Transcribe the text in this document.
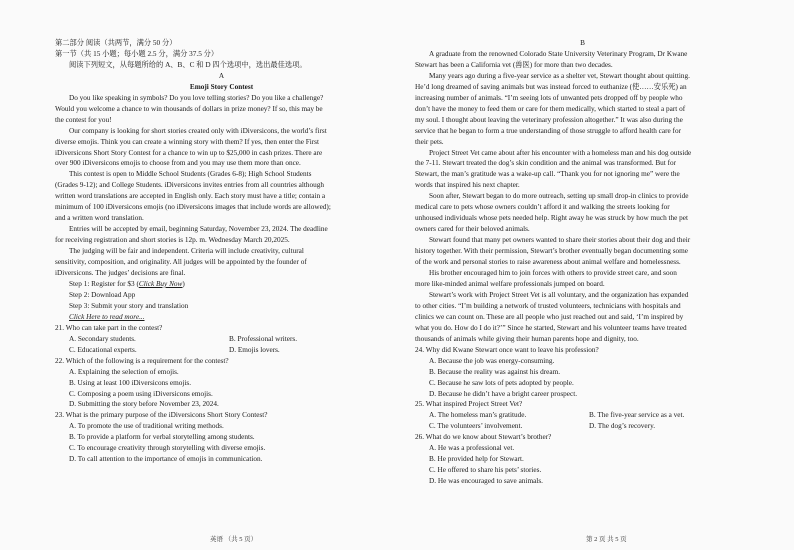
第二部分 阅读（共两节，满分 50 分）
第一节（共 15 小题；每小题 2.5 分，满分 37.5 分）
阅读下列短文，从每题所给的 A、B、C 和 D 四个选项中，选出最佳选项。
A
Emoji Story Contest
Do you like speaking in symbols? Do you love telling stories? Do you like a challenge?
Would you welcome a chance to win thousands of dollars in prize money? If so, this may be
the contest for you!
Our company is looking for short stories created only with iDiversicons, the world’s first
diverse emojis. Think you can create a winning story with them? If yes, then enter the First
iDiversicons Short Story Contest for a chance to win up to $25,000 in cash prizes. There are
over 900 iDiversicons emojis to choose from and you may use them more than once.
This contest is open to Middle School Students (Grades 6-8); High School Students
(Grades 9-12); and College Students. iDiversicons invites entries from all countries although
written word translations are accepted in English only. Each story must have a title; contain a
minimum of 100 iDiversicons emojis (no iDiversicons images that include words are allowed);
and a written word translation.
Entries will be accepted by email, beginning Saturday, November 23, 2024. The deadline
for receiving registration and short stories is 12p. m. Wednesday March 20,2025.
The judging will be fair and independent. Criteria will include creativity, cultural
sensitivity, composition, and originality. All judges will be appointed by the founder of
iDiversicons. The judges’ decisions are final.
Step 1: Register for $3 (Click Buy Now)
Step 2: Download App
Step 3: Submit your story and translation
Click Here to read more...
21. Who can take part in the contest?
A. Secondary students.	B. Professional writers.
C. Educational experts.	D. Emojis lovers.
22. Which of the following is a requirement for the contest?
A. Explaining the selection of emojis.
B. Using at least 100 iDiversicons emojis.
C. Composing a poem using iDiversicons emojis.
D. Submitting the story before November 23, 2024.
23. What is the primary purpose of the iDiversicons Short Story Contest?
A. To promote the use of traditional writing methods.
B. To provide a platform for verbal storytelling among students.
C. To encourage creativity through storytelling with diverse emojis.
D. To call attention to the importance of emojis in communication.
B
A graduate from the renowned Colorado State University Veterinary Program, Dr Kwane
Stewart has been a California vet (兽医) for more than two decades.
Many years ago during a five-year service as a shelter vet, Stewart thought about quitting.
He’d long dreamed of saving animals but was instead forced to euthanize (使……安乐死) an
increasing number of animals. “I’m seeing lots of unwanted pets dropped off by people who
don’t have the money to feed them or care for them medically, which started to steal a part of
my soul. I thought about leaving the veterinary profession altogether.” It was also during the
service that he began to form a true understanding of those struggle to afford health care for
their pets.
Project Street Vet came about after his encounter with a homeless man and his dog outside
the 7-11. Stewart treated the dog’s skin condition and the animal was transformed. But for
Stewart, the man’s gratitude was a wake-up call. “Thank you for not ignoring me” were the
words that inspired his next chapter.
Soon after, Stewart began to do more outreach, setting up small drop-in clinics to provide
medical care to pets whose owners couldn’t afford it and walking the streets looking for
unhoused individuals whose pets needed help. Right away he was struck by how much the pet
owners cared for their beloved animals.
Stewart found that many pet owners wanted to share their stories about their dog and their
history together. With their permission, Stewart’s brother eventually began documenting some
of the work and personal stories to raise awareness about animal welfare and homelessness.
His brother encouraged him to join forces with others to provide street care, and soon
more like-minded animal welfare professionals jumped on board.
Stewart’s work with Project Street Vet is all voluntary, and the organization has expanded
to other cities. “I’m building a network of trusted volunteers, technicians with hospitals and
clinics we can count on. These are all people who just reached out and said, ‘I’m inspired by
what you do. How do I do it?’” Since he started, Stewart and his volunteer teams have treated
thousands of animals while giving their human parents hope and dignity, too.
24. Why did Kwane Stewart once want to leave his profession?
A. Because the job was energy-consuming.
B. Because the reality was against his dream.
C. Because he saw lots of pets adopted by people.
D. Because he didn’t have a bright career prospect.
25. What inspired Project Street Vet?
A. The homeless man’s gratitude.	B. The five-year service as a vet.
C. The volunteers’ involvement.	D. The dog’s recovery.
26. What do we know about Stewart’s brother?
A. He was a professional vet.
B. He provided help for Stewart.
C. He offered to share his pets’ stories.
D. He was encouraged to save animals.
英语 （共 5 页）	第 2 页 共 5 页
